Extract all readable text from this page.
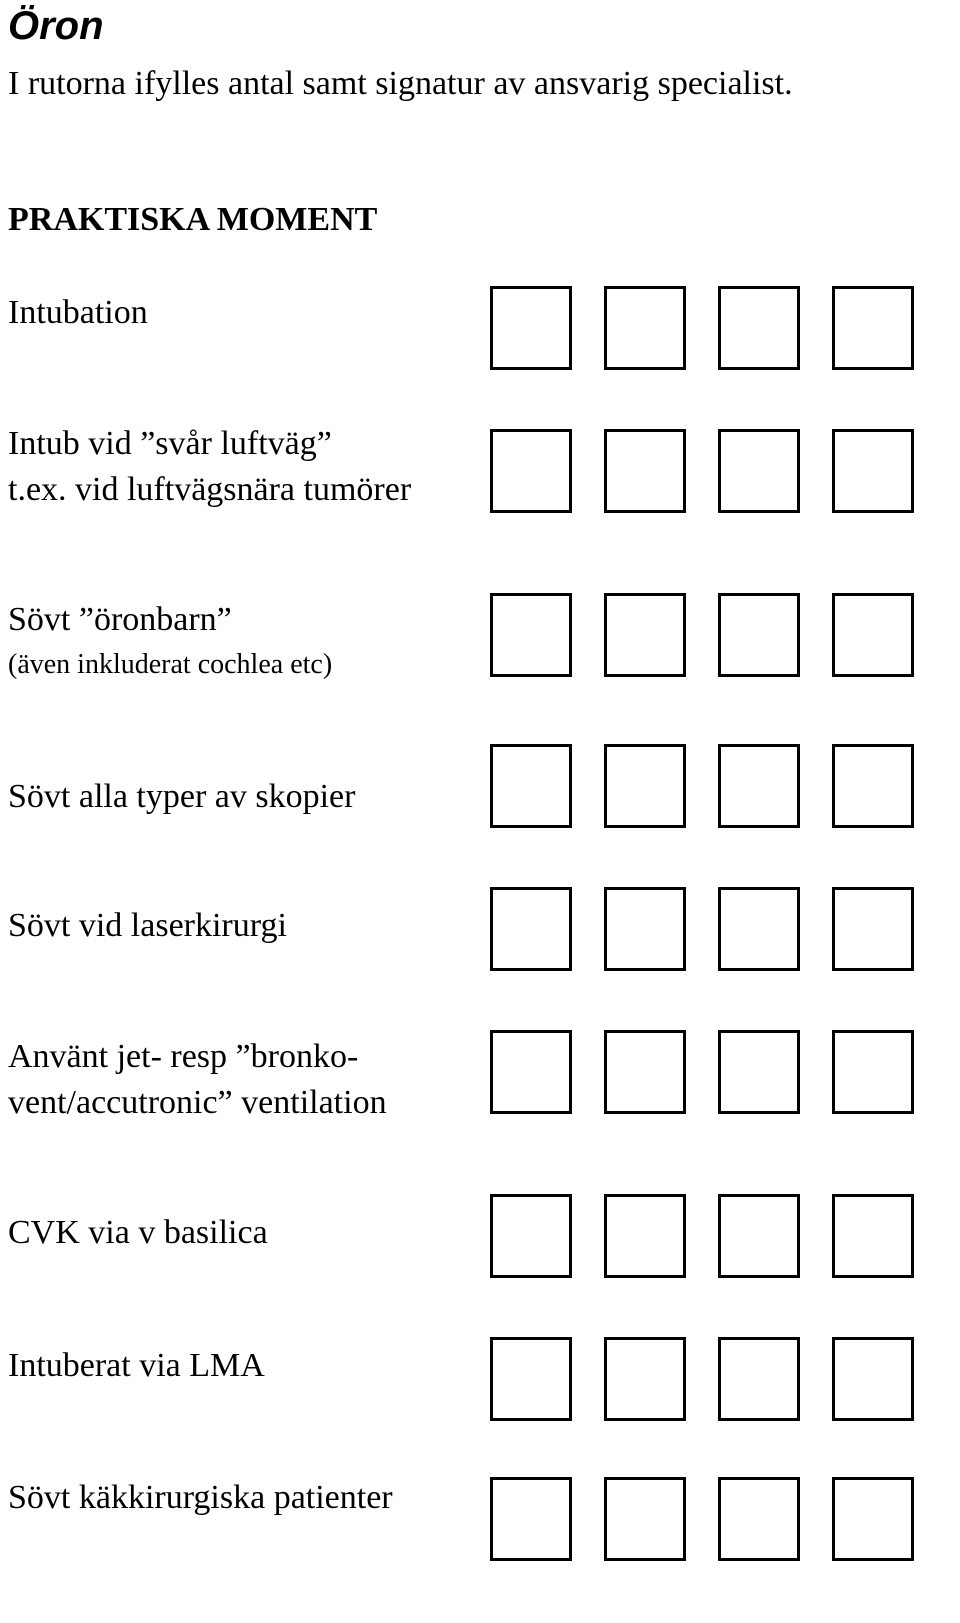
Öron
I rutorna ifylles antal samt signatur av ansvarig specialist.
PRAKTISKA MOMENT
Intubation
Intub vid ”svår luftväg”
t.ex. vid luftvägsnära tumörer
Sövt ”öronbarn”
(även inkluderat cochlea etc)
Sövt alla typer av skopier
Sövt vid laserkirurgi
Använt jet- resp ”bronko-
vent/accutronic” ventilation
CVK via v basilica
Intuberat via LMA
Sövt käkkirurgiska patienter
